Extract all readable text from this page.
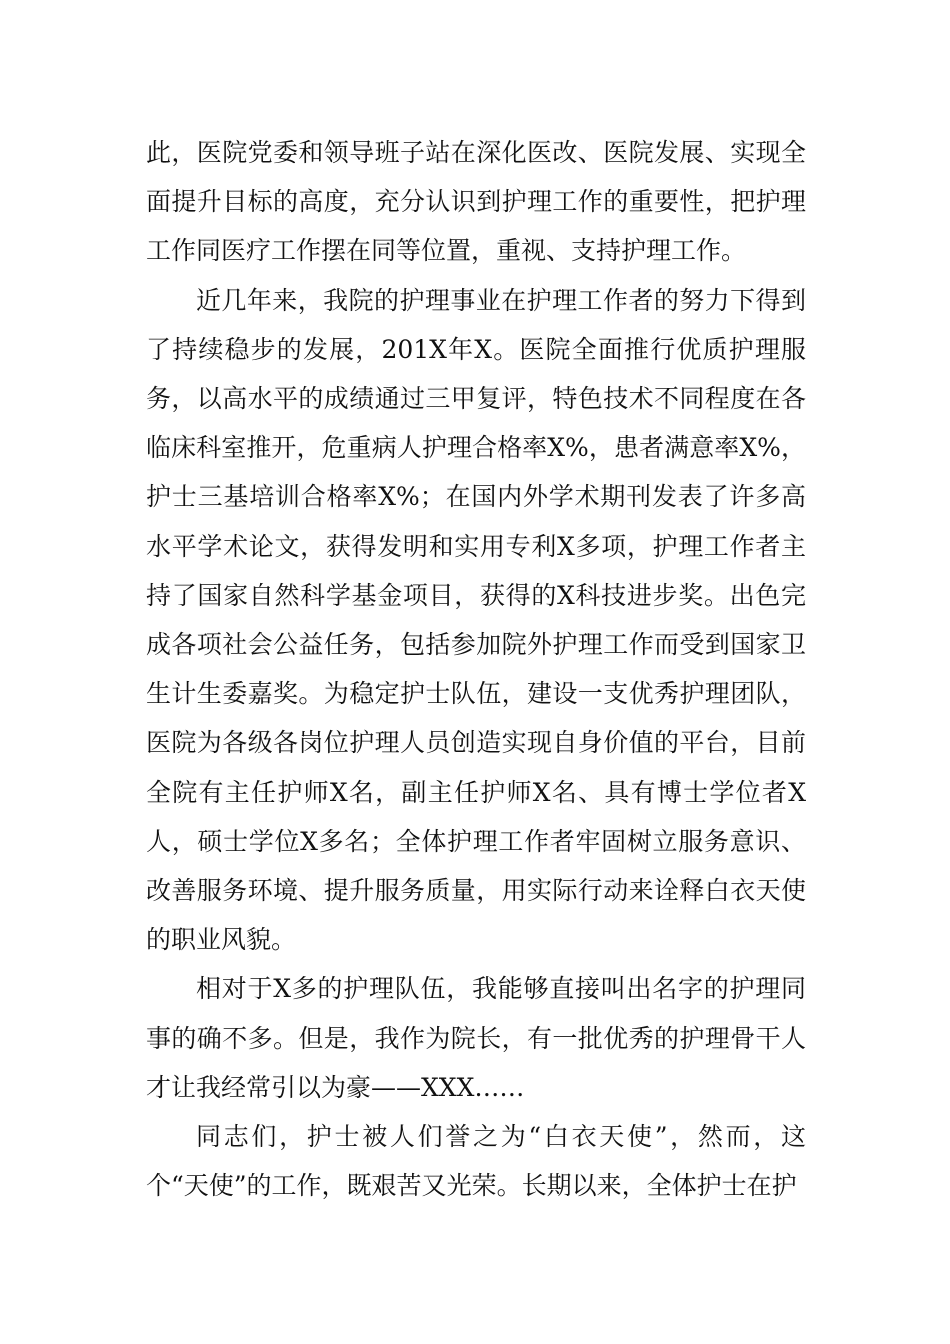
此，医院党委和领导班子站在深化医改、医院发展、实现全面提升目标的高度，充分认识到护理工作的重要性，把护理工作同医疗工作摆在同等位置，重视、支持护理工作。

近几年来，我院的护理事业在护理工作者的努力下得到了持续稳步的发展，201X年X。医院全面推行优质护理服务，以高水平的成绩通过三甲复评，特色技术不同程度在各临床科室推开，危重病人护理合格率X%，患者满意率X%，护士三基培训合格率X%；在国内外学术期刊发表了许多高水平学术论文，获得发明和实用专利X多项，护理工作者主持了国家自然科学基金项目，获得的X科技进步奖。出色完成各项社会公益任务，包括参加院外护理工作而受到国家卫生计生委嘉奖。为稳定护士队伍，建设一支优秀护理团队，医院为各级各岗位护理人员创造实现自身价值的平台，目前全院有主任护师X名，副主任护师X名、具有博士学位者X人，硕士学位X多名；全体护理工作者牢固树立服务意识、改善服务环境、提升服务质量，用实际行动来诠释白衣天使的职业风貌。

相对于X多的护理队伍，我能够直接叫出名字的护理同事的确不多。但是，我作为院长，有一批优秀的护理骨干人才让我经常引以为豪——XXX……

同志们，护士被人们誉之为“白衣天使”，然而，这个“天使”的工作，既艰苦又光荣。长期以来，全体护士在护
